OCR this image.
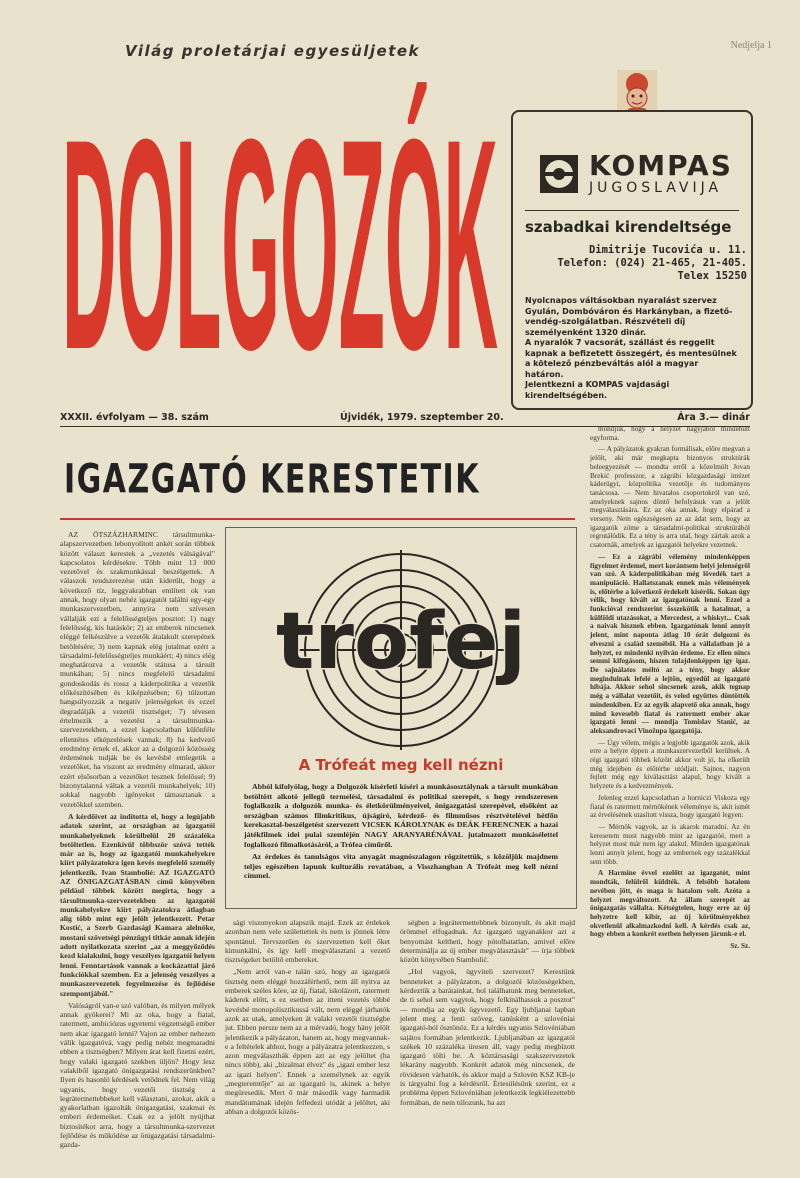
Világ proletárjai egyesüljetek	Nedjelja 1
DOLGOZÓK	KOMPAS
JUGOSLAVIJA
szabadkai kirendeltsége
Dimitrije Tucovića u. 11.
Telefon: (024) 21-465, 21-405.
Telex 15250
Nyolcnapos váltásokban nyaralást szervez Gyulán, Dombóváron és Harkányban, a fizető-vendég-szolgálatban. Részvételi díj személyenként 1320 dinár.
A nyaralók 7 vacsorát, szállást és reggelit kapnak a befizetett összegért, és mentesülnek a kötelező pénzbeváltás alól a magyar határon.
Jelentkezni a KOMPAS vajdasági kirendeltségében.
XXXII. évfolyam — 38. szám	Újvidék, 1979. szeptember 20.	Ára 3.— dinár
IGAZGATÓ KERESTETIK

AZ ÖTSZÁZHARMINC társultmunka-alapszervezetben lebonyolított ankét során többek között választ kerestek a „vezetés válságával" kapcsolatos kérdésekre. Több mint 13 000 vezetővel és szakmunkással beszélgettek. A válaszok rendszerezése után kiderült, hogy a következő tíz, leggyakrabban említett ok van annak, hogy olyan nehéz igazgatót találni egy-egy munkaszervezetben, annyira nem szívesen vállalják ezt a felelősségteljes posztot: 1) nagy felelősség, kis hatáskör; 2) az emberek nincsenek eléggé felkészülve a vezetők átalakult szerepének betöltésére; 3) nem kapnak elég jutalmat ezért a társadalmi-felelősségteljes munkáért; 4) nincs elég meghatározva a vezetők státusa a társult munkában; 5) nincs megfelelő társadalmi gondoskodás és rossz a káderpolitika a vezetők előkészítésében és kiképzésében; 6) túlzottan hangsúlyozzák a negatív jelenségeket és ezzel degradálják a vezetői tisztséget; 7) tévesen értelmezik a vezetést a társultmunka-szervezetekben, a ezzel kapcsolatban különféle ellentétes elképzelések vannak; 8) ha kedvező eredmény érnek el, akkor az a dolgozói közösség érdemének tudják be és kevésbé emlegetik a vezetőket, ha viszont az eredmény elmarad, akkor ezért elsősorban a vezetőket tesznek felelőssé; 9) bizonytalanná váltak a vezetői munkahelyek; 10) sokkal nagyobb igényeket támasztanak a vezetőkkel szemben.

A kérdőívet az indította el, hogy a legújabb adatok szerint, az országban az igazgatói munkahelyeknek körülbelül 20 százaléka betöltetlen. Ezenkívül többször szóvá tették már az is, hogy az igazgatói munkahelyekre kiírt pályázatokra igen kevés megfelelő személy jelentkezik. Ivan Stambolié: AZ IGAZGATÓ AZ ÖNIGAZGATÁSBAN című könyvében például többek között megírta, hogy a társultmunka-szervezetekben az igazgatói munkahelyekre kiírt pályázatokra átlagban alig több mint egy jelölt jelentkezett. Petar Kostić, a Szerb Gazdasági Kamara alelnöke, mostani szövetségi pénzügyi titkár annak idején adott nyilatkozata szerint „az a meggyőződés kezd kialakulni, hogy veszélyes igazgatói helyen lenni. Fenntartások vannak a kockázattal járó funkciókkal szemben. Ez a jelenség veszélyes a munkaszervezetek fegyelmezése és fejlődése szempontjából."

Valóságról van-e szó valóban, és milyen mélyek annak gyökerei? Mi az oka, hogy a fiatal, ratermett, ambiciózus egyetemi végzettségű ember nem akar igazgató lenni? Vajon az ember nehezen válik igazgatóvá, vagy pedig nehéz megmaradni ebben a tisztségben? Milyen árat kell fizetni ezért, hogy valaki igazgató szekben üljön? Hogy lesz valakiből igazgató önigazgatási rendszerünkben? Ilyen és hasonló kérdések vetődnek fel. Nem világ ugyanis, hogy vezetői tisztség a legrátermettebbeket kell választani, azokat, akik a gyakorlatban igazolták önigazgatási, szakmai és emberi érdemeiket. Csak ez a jelölt nyújthat biztosítékot arra, hogy a társultmunka-szervezet fejlődése és működése az önigazgatási társadalmi-gazda-

trofej
A Trófeát meg kell nézni

Abból kifolyólag, hogy a Dolgozók kísérleti kíséri a munkásosztálynak a társult munkában betöltött alkotó jellegű termelési, társadalmi és politikai szerepét, s hogy rendszeresen foglalkozik a dolgozók munka- és életkörülményeivel, önigazgatási szerepével, elsőként az országban számos filmkritikus, újságíró, kérdező- és filmműsos résztvételével hétfőn kerekasztal-beszélgetést szervezett VICSEK KÁROLYNAK és DEÁK FERENCNEK a hazai játékfilmek ídei pulai szemléjén NAGY ARANYARÉNÁVAL jutalmazott munkásélettel foglalkozó filmalkotásáról, a Trófea címűről.

Az érdekes és tanulságos vita anyagát magnószalagon rögzítettük, s közöljük majdnem teljes egészében lapunk kulturális rovatában, a Visszhangban A Trófeát meg kell nézni címmel.

sági viszonyokon alapszik majd. Ezek az érdekek azonban nem vele születtettek és nem is jönnek létre spontánul. Tervszerűen és szervezetten kell őket kimunkálni, és így kell megválasztani a vezető tisztségeket betöltő embereket.

„Nem arról van-e talán szó, hogy az igazgatói tisztség nem eléggé hozzáférhető, nem áll nyitva az emberek széles köre, az új, fiatal, iskolázott, ratermett káderek előtt, s ez esetben az itteni vezetés többé kevésbé monopolisztikussá vált, nem eléggé járhatók azok az utak, amelyeken át valaki vezetői tisztségbe jut. Ebben persze nem az a mérvadó, hogy hány jelölt jelentkezik a pályázaton, hanem az, hogy megvannak-e a feltételek ahhoz, hogy a pályázatra jelentkezzen, s azon megválaszthák éppen azt az egy jelöltet (ha nincs több), aki „bizalmat élvez" és „igazi ember lesz az igazi helyen". Ennek a személynek az egyik „megteremtője" az az igazgató is, akinek a helye megüresedik. Mert ő már második vagy harmadik mandátumának idején felfedezi utódát a jelöltet, aki abban a dolgozói közös-

ségben a legrátermettebbnek bizonyult, és akit majd örömmel elfogadnak. Az igazgató ugyanakkor azt a benyomást keltheti, hogy pótolhatatlan, amivel előre determinálja az új ember megválasztását" — írja többek között könyvében Stambolić.

„Hol vagyok, ügyviteli szervezet? Kerestünk benneteket a pályázaton, a dolgozói közösségekben, kérdeztük a barátainkat, hol találhatunk meg benneteket, de ti sehol sem vagytok, hogy felkínálhassuk a posztot" — mondja az egyik ügyvezető. Egy ljubljanai lapban jelent meg a fenti szöveg, tanúsként a szlovéniai igazgató-ból ösztönöz. Ez a kérdés ugyanis Szlovéniában sajátos formában jelentkezik. Ljubljanában az igazgatói székek 10 százaléka üresen áll, vagy pedig megbízott igazgató tölti be. A köztársasági szakszervezetek lékarány nagyobb. Konkrét adatok még nincsenek, de rövidesen várhatók, és akkor majd a Szlovén KSZ KB-je is tárgyalni fog a kérdésről. Értesülésünk szerint, ez a probléma éppen Szlovéniában jelentkezik legkiélezettebb formában, de nem túlozunk, ha azt

mondjuk, hogy a helyzet nagyjából mindenütt egyforma.

— A pályázatok gyakran formálisak, előre megvan a jelölt, aki már megkapta bizonyos struktúrák beleegyezését — mondta erről a közelmúlt Jovan Brekić professzor, a zágrábi közgazdasági intézet káderügyi, közpolitika vezetője és tudományos tanácsosa. — Nem hivatalos csoportokról van szó, amelyeknek sajnos döntő befolyásuk van a jelölt megválasztására. Ez az oka annak, hogy elpárad a verseny. Nem egészségesen az az ádat sem, hogy az igazgatók zöme a társadalmi-politikai struktúrából regrutálódik. Ez a tény is arra utal, hogy zártak azok a csatornák, amelyek az igazgatói helyekre vezetnek.

— Ez a zágrábi vélemény mindenképpen figyelmet érdemel, mert korántsem helyi jelenségről van szó. A káderpolitikában még lövedék tart a manipuláció. Hallatszanak ennek más vélemények is, előtérbe a következő érdekelt kísérők. Sokan úgy vélik, hogy kivált az igazgatónak lenni. Ezzel a funkcióval rendszerint összekötik a hatalmat, a külföldi utazásokat, a Mercedest, a whiskyt... Csak a naivak hisznek ebben. Igazgatónak lenni annyit jelent, mint naponta átlag 10 órát dolgozni és elveszni a család szeméből. Ha a vállalatban jó a helyzet, ez mindenki nyilván érdeme. Ez ellen nincs semmi kifogásom, hiszen tulajdonképpen így igaz. De sajnálatos méltó az a tény, hogy akkor megindulnak lefelé a lejtőn, egyedül az igazgató hibája. Akkor sehol sincsenek azok, akik tegnap még a vállalat vezetőit, és veled együttes döntötték mindenkiben. Ez az egyik alapvető oka annak, hogy mind kevesebb fiatal és ratermett ember akar igazgató lenni — mondja Tomislav Stanić, az aleksandrovaci Vinožupa igazgatója.

— Úgy vélem, mégis a legjobb igazgatók azok, akik erre a helyre éppen a munkaszervezetből kerülnek. A régi igazgató többek között akkor volt jó, ha elkerült még idejében és előtérbe utódjait. Sajnos, nagyon fejlett még egy kiválasztást alapul, hogy kivált a helyzete és a kedvezmények.

Jelenleg ezzel kapcsolatban a horniczi Viskoza egy fiatal és ratermett mérnökének véleménye is, akit ismét az érvelésének utasított vissza, hogy igazgató legyen:

— Mérnök vagyok, az is akarok maradni. Az én keresetem most nagyobb mint az igazgatóé, mert a helyzet most már nem így alakul. Minden igazgatónak lenni annyit jelent, hogy az embernek egy százalékkal sem több.

A Harmine évvel ezelőtt az igazgatót, mint mondták, felülről küldték. A felsőbb hatalom nevében jött, és maga is hatalom volt. Azóta a helyzet megváltozott. Az állam szerepét az önigazgatás vállalta. Kétségtelen, hogy erre az új helyzetre kell kibír, az új körülményekhez okvetlenül alkalmazkodni kell. A kérdés csak az, hogy ebben a konkrét esetben helyesen járunk-e el.

Sz. Sz.
